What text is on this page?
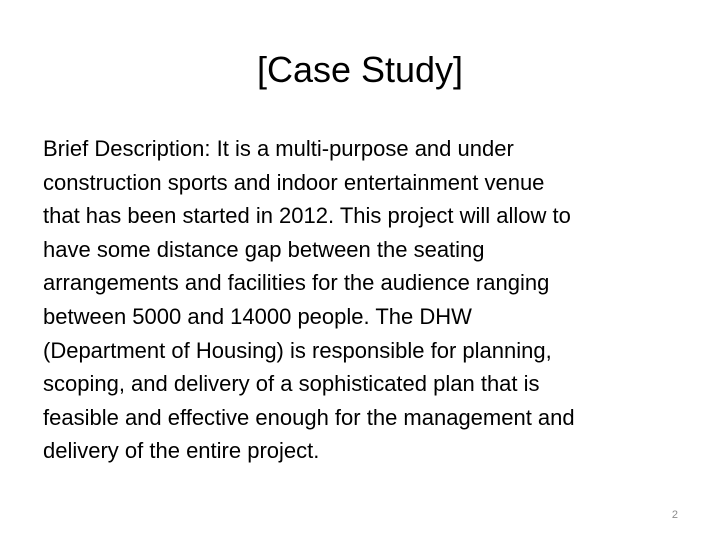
[Case Study]

Brief Description: It is a multi-purpose and under
construction sports and indoor entertainment venue
that has been started in 2012. This project will allow to
have some distance gap between the seating
arrangements and facilities for the audience ranging
between 5000 and 14000 people. The DHW
(Department of Housing) is responsible for planning,
scoping, and delivery of a sophisticated plan that is
feasible and effective enough for the management and
delivery of the entire project.

2
